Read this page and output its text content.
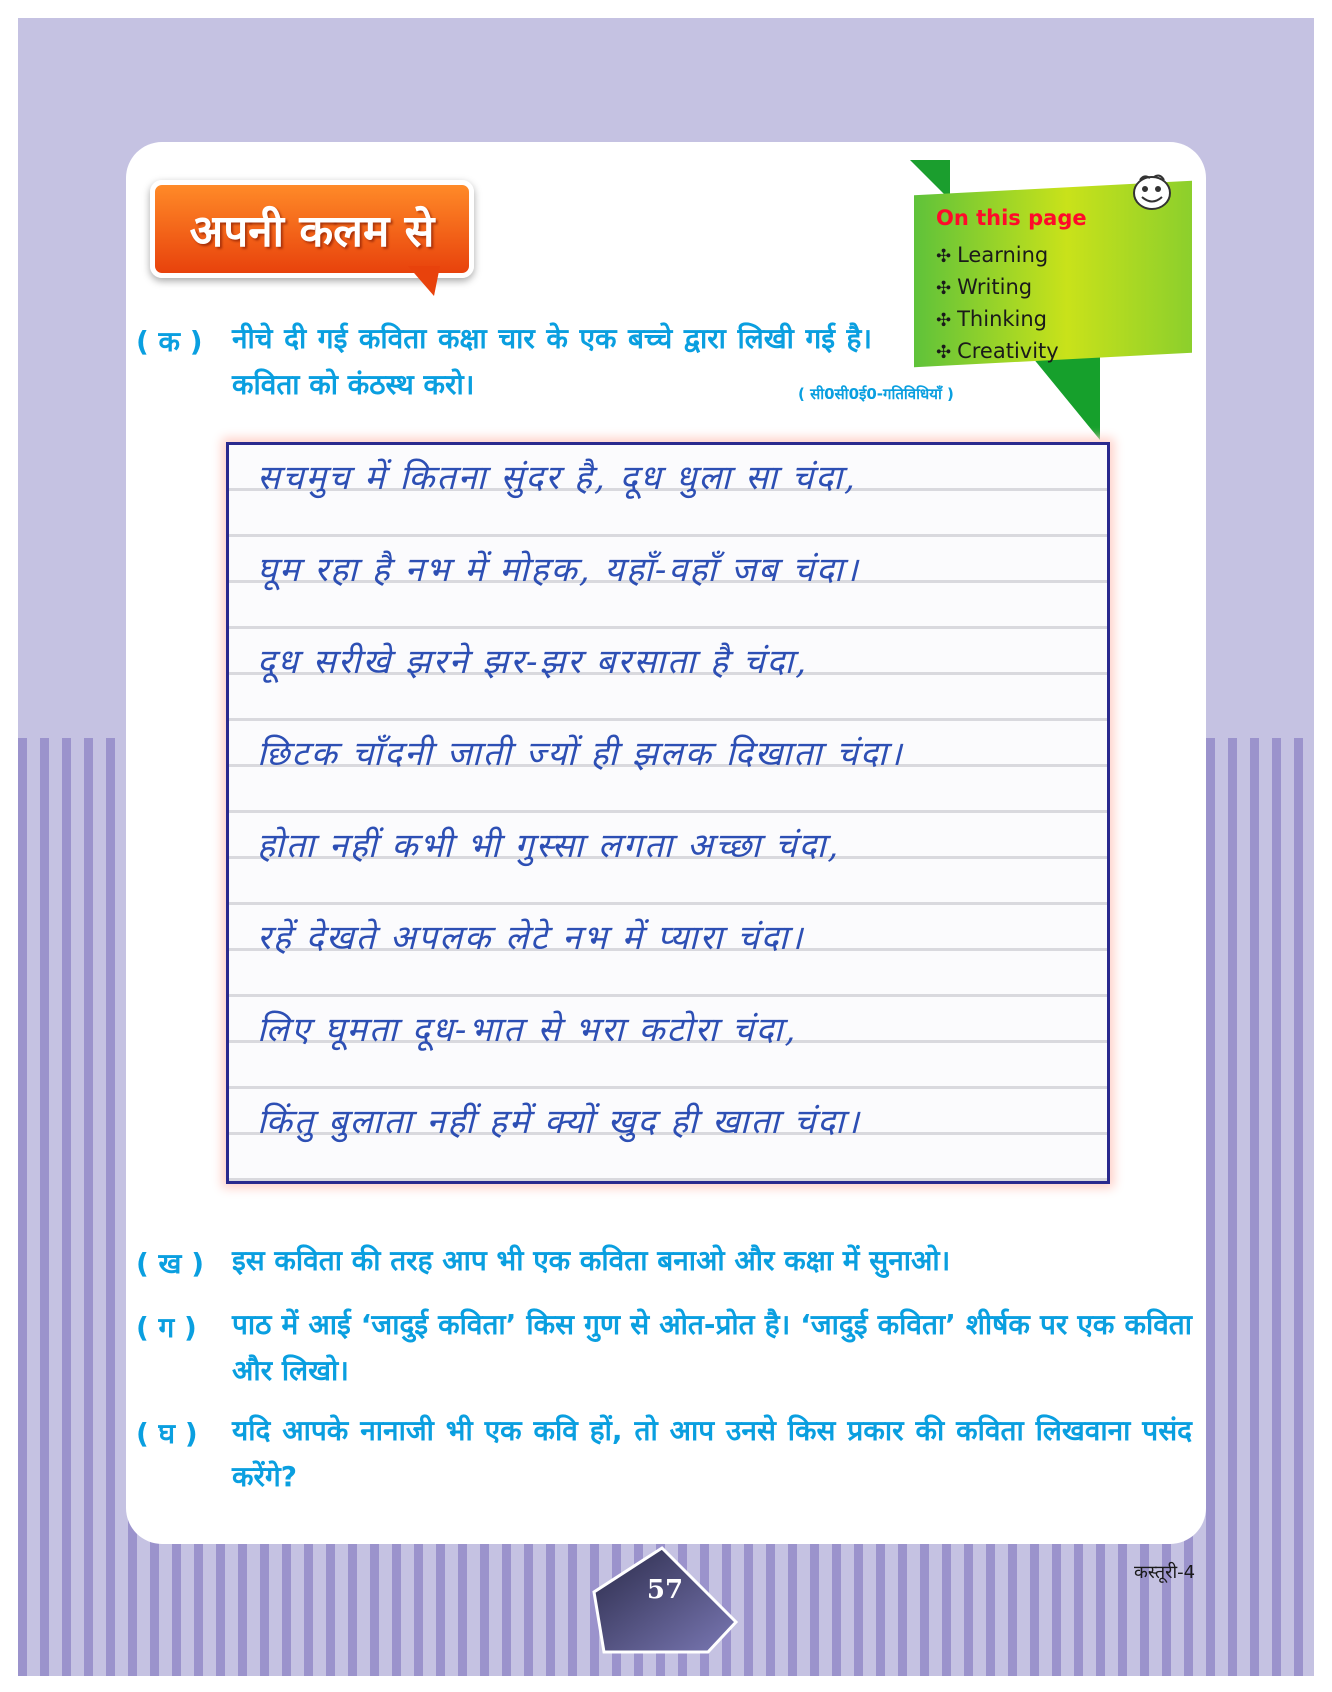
अपनी कलम से	On this page
✣ Learning
✣ Writing
✣ Thinking
✣ Creativity
( क ) नीचे दी गई कविता कक्षा चार के एक बच्चे द्वारा लिखी गई है। कविता को कंठस्थ करो।	( सी0सी0ई0-गतिविधियाँ )
सचमुच में कितना सुंदर है, दूध धुला सा चंदा,
घूम रहा है नभ में मोहक, यहाँ-वहाँ जब चंदा।
दूध सरीखे झरने झर-झर बरसाता है चंदा,
छिटक चाँदनी जाती ज्यों ही झलक दिखाता चंदा।
होता नहीं कभी भी गुस्सा लगता अच्छा चंदा,
रहें देखते अपलक लेटे नभ में प्यारा चंदा।
लिए घूमता दूध-भात से भरा कटोरा चंदा,
किंतु बुलाता नहीं हमें क्यों खुद ही खाता चंदा।
( ख ) इस कविता की तरह आप भी एक कविता बनाओ और कक्षा में सुनाओ।
( ग ) पाठ में आई ‘जादुई कविता’ किस गुण से ओत-प्रोत है। ‘जादुई कविता’ शीर्षक पर एक कविता और लिखो।
( घ ) यदि आपके नानाजी भी एक कवि हों, तो आप उनसे किस प्रकार की कविता लिखवाना पसंद करेंगे?
57
कस्तूरी-4
